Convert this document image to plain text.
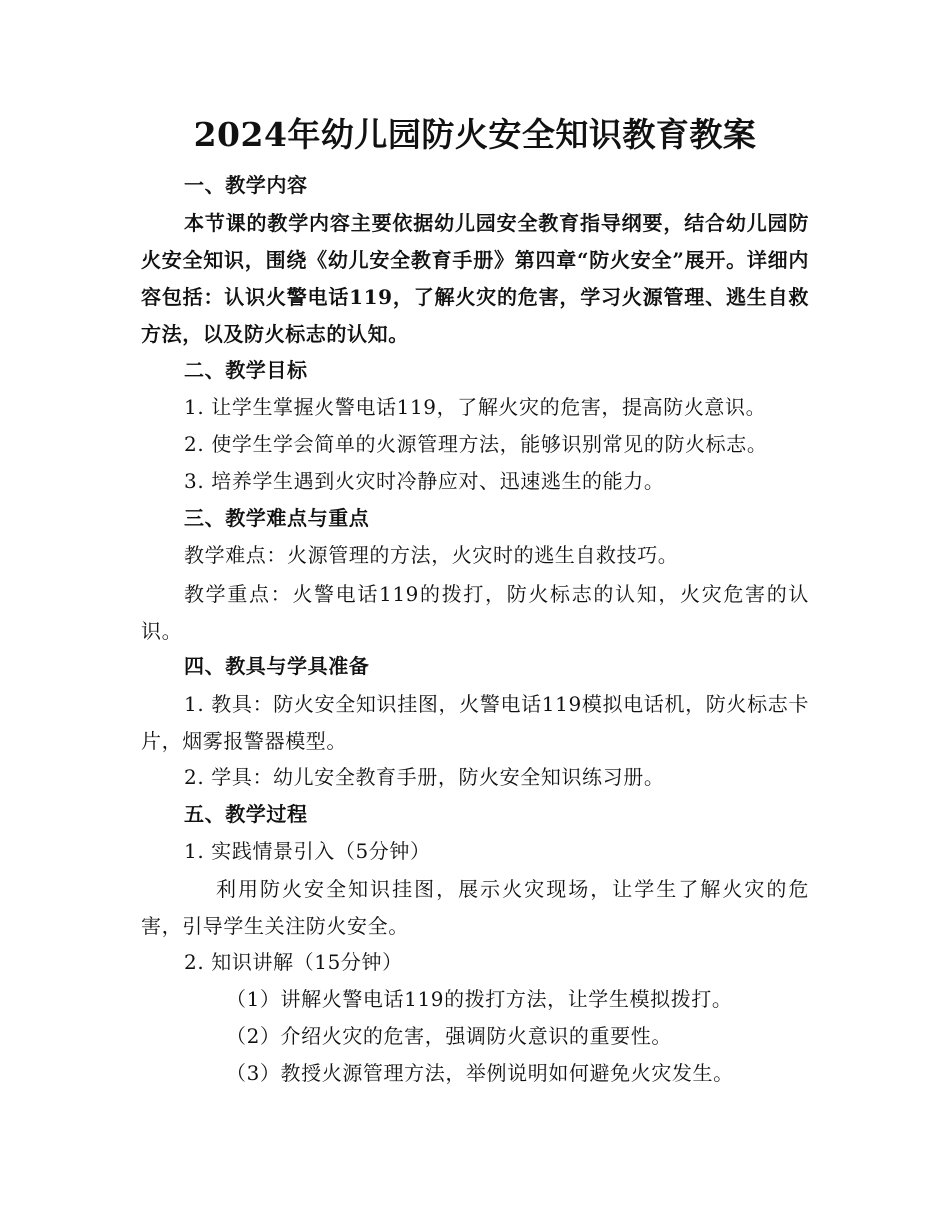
2024年幼儿园防火安全知识教育教案
一、教学内容

本节课的教学内容主要依据幼儿园安全教育指导纲要，结合幼儿园防火安全知识，围绕《幼儿安全教育手册》第四章“防火安全”展开。详细内容包括：认识火警电话119，了解火灾的危害，学习火源管理、逃生自救方法，以及防火标志的认知。

二、教学目标
1. 让学生掌握火警电话119，了解火灾的危害，提高防火意识。
2. 使学生学会简单的火源管理方法，能够识别常见的防火标志。
3. 培养学生遇到火灾时冷静应对、迅速逃生的能力。
三、教学难点与重点
教学难点：火源管理的方法，火灾时的逃生自救技巧。

教学重点：火警电话119的拨打，防火标志的认知，火灾危害的认识。

四、教具与学具准备

1. 教具：防火安全知识挂图，火警电话119模拟电话机，防火标志卡片，烟雾报警器模型。

2. 学具：幼儿安全教育手册，防火安全知识练习册。
五、教学过程
1. 实践情景引入（5分钟）

利用防火安全知识挂图，展示火灾现场，让学生了解火灾的危害，引导学生关注防火安全。

2. 知识讲解（15分钟）
（1）讲解火警电话119的拨打方法，让学生模拟拨打。
（2）介绍火灾的危害，强调防火意识的重要性。
（3）教授火源管理方法，举例说明如何避免火灾发生。
